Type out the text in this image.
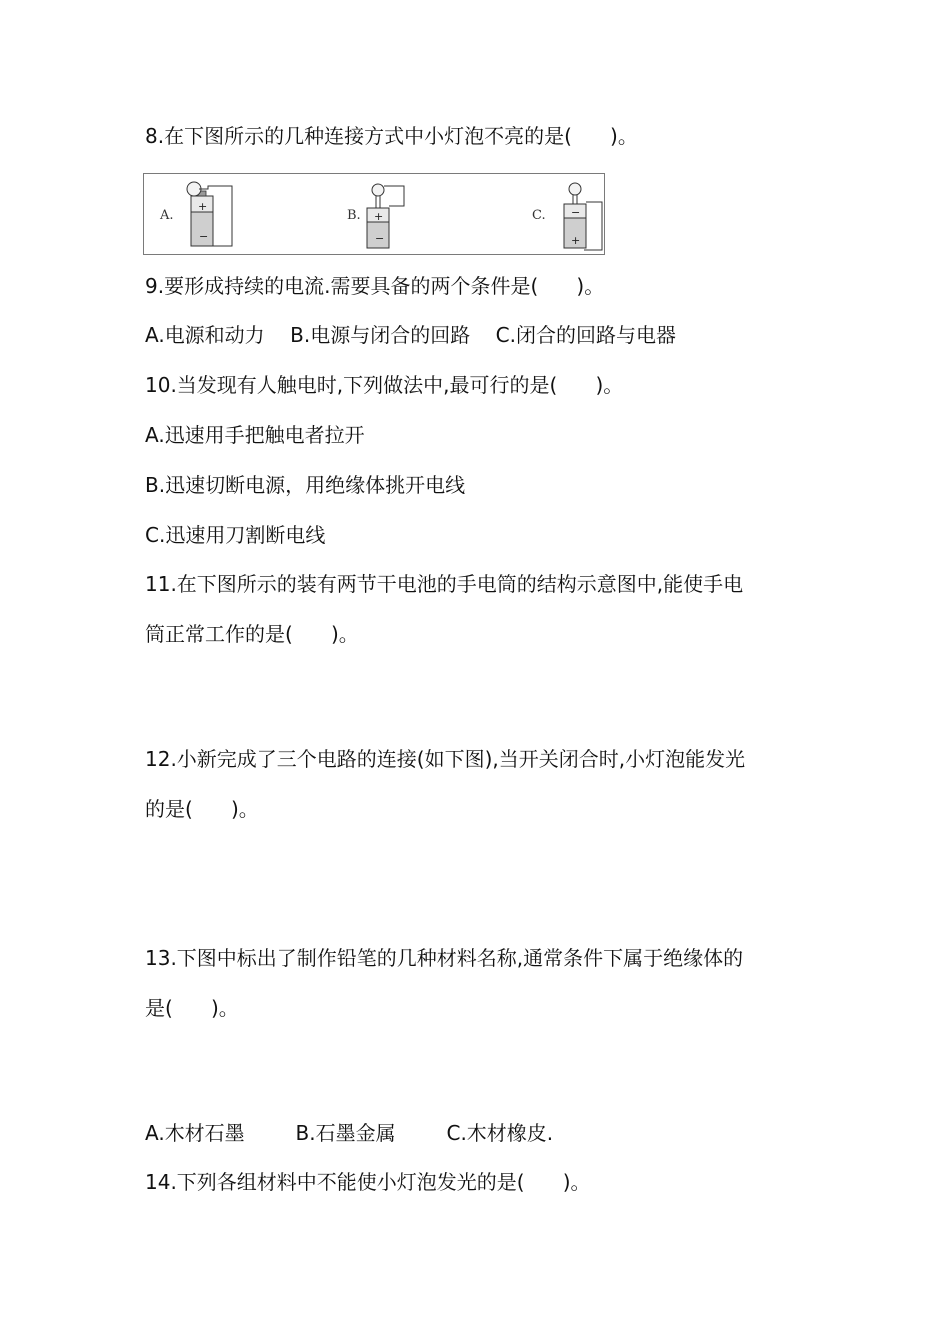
8.在下图所示的几种连接方式中小灯泡不亮的是(      )。
A.
+
−
B. +
−
C. −
+
9.要形成持续的电流.需要具备的两个条件是(      )。
A.电源和动力    B.电源与闭合的回路    C.闭合的回路与电器
10.当发现有人触电时,下列做法中,最可行的是(      )。
A.迅速用手把触电者拉开
B.迅速切断电源，用绝缘体挑开电线
C.迅速用刀割断电线
11.在下图所示的装有两节干电池的手电筒的结构示意图中,能使手电
筒正常工作的是(      )。
12.小新完成了三个电路的连接(如下图),当开关闭合时,小灯泡能发光
的是(      )。
13.下图中标出了制作铅笔的几种材料名称,通常条件下属于绝缘体的
是(      )。
A.木材石墨        B.石墨金属        C.木材橡皮.
14.下列各组材料中不能使小灯泡发光的是(      )。
